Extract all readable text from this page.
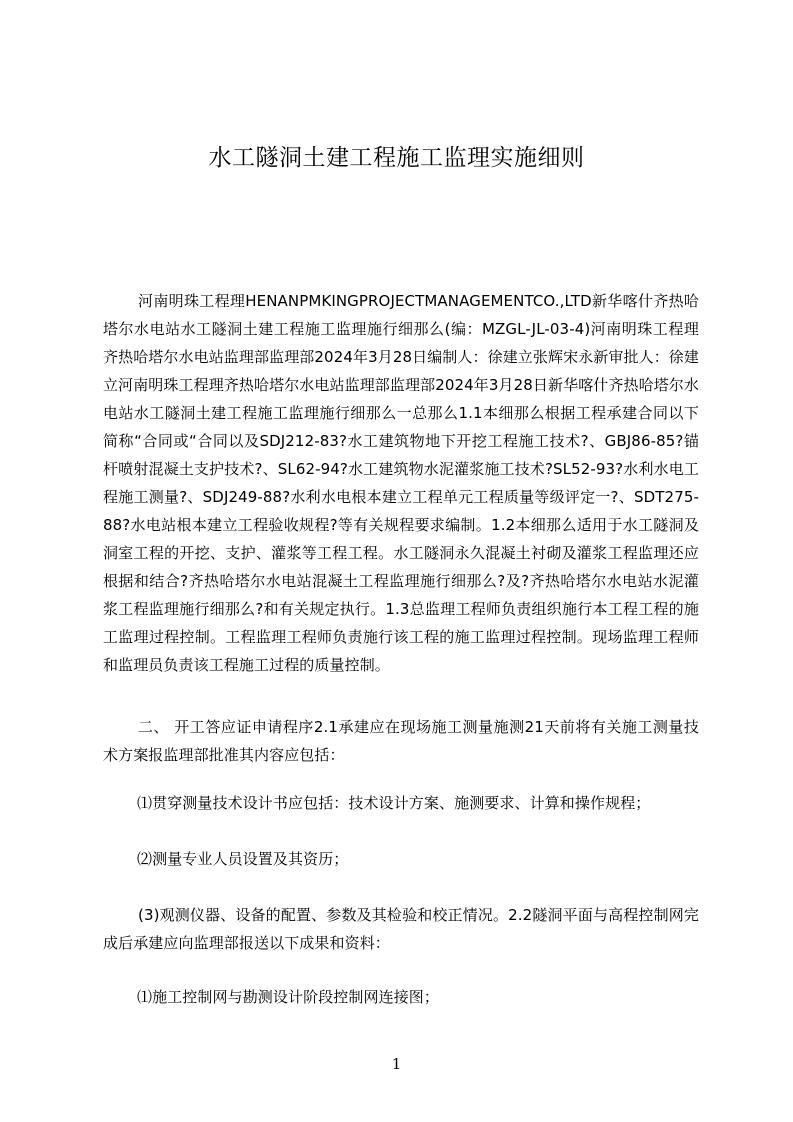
水工隧洞土建工程施工监理实施细则

河南明珠工程理HENANPMKINGPROJECTMANAGEMENTCO.,LTD新华喀什齐热哈塔尔水电站水工隧洞土建工程施工监理施行细那么(编：MZGL-JL-03-4)河南明珠工程理齐热哈塔尔水电站监理部监理部2024年3月28日编制人：徐建立张辉宋永新审批人：徐建立河南明珠工程理齐热哈塔尔水电站监理部监理部2024年3月28日新华喀什齐热哈塔尔水电站水工隧洞土建工程施工监理施行细那么一总那么1.1本细那么根据工程承建合同以下简称“合同或“合同以及SDJ212-83?水工建筑物地下开挖工程施工技术?、GBJ86-85?锚杆喷射混凝土支护技术?、SL62-94?水工建筑物水泥灌浆施工技术?SL52-93?水利水电工程施工测量?、SDJ249-88?水利水电根本建立工程单元工程质量等级评定一?、SDT275-88?水电站根本建立工程验收规程?等有关规程要求编制。1.2本细那么适用于水工隧洞及洞室工程的开挖、支护、灌浆等工程工程。水工隧洞永久混凝土衬砌及灌浆工程监理还应根据和结合?齐热哈塔尔水电站混凝土工程监理施行细那么?及?齐热哈塔尔水电站水泥灌浆工程监理施行细那么?和有关规定执行。1.3总监理工程师负责组织施行本工程工程的施工监理过程控制。工程监理工程师负责施行该工程的施工监理过程控制。现场监理工程师和监理员负责该工程施工过程的质量控制。

二、 开工答应证申请程序2.1承建应在现场施工测量施测21天前将有关施工测量技术方案报监理部批准其内容应包括：

⑴贯穿测量技术设计书应包括：技术设计方案、施测要求、计算和操作规程；

⑵测量专业人员设置及其资历；

(3)观测仪器、设备的配置、参数及其检验和校正情况。2.2隧洞平面与高程控制网完成后承建应向监理部报送以下成果和资料：

⑴施工控制网与勘测设计阶段控制网连接图；

1
